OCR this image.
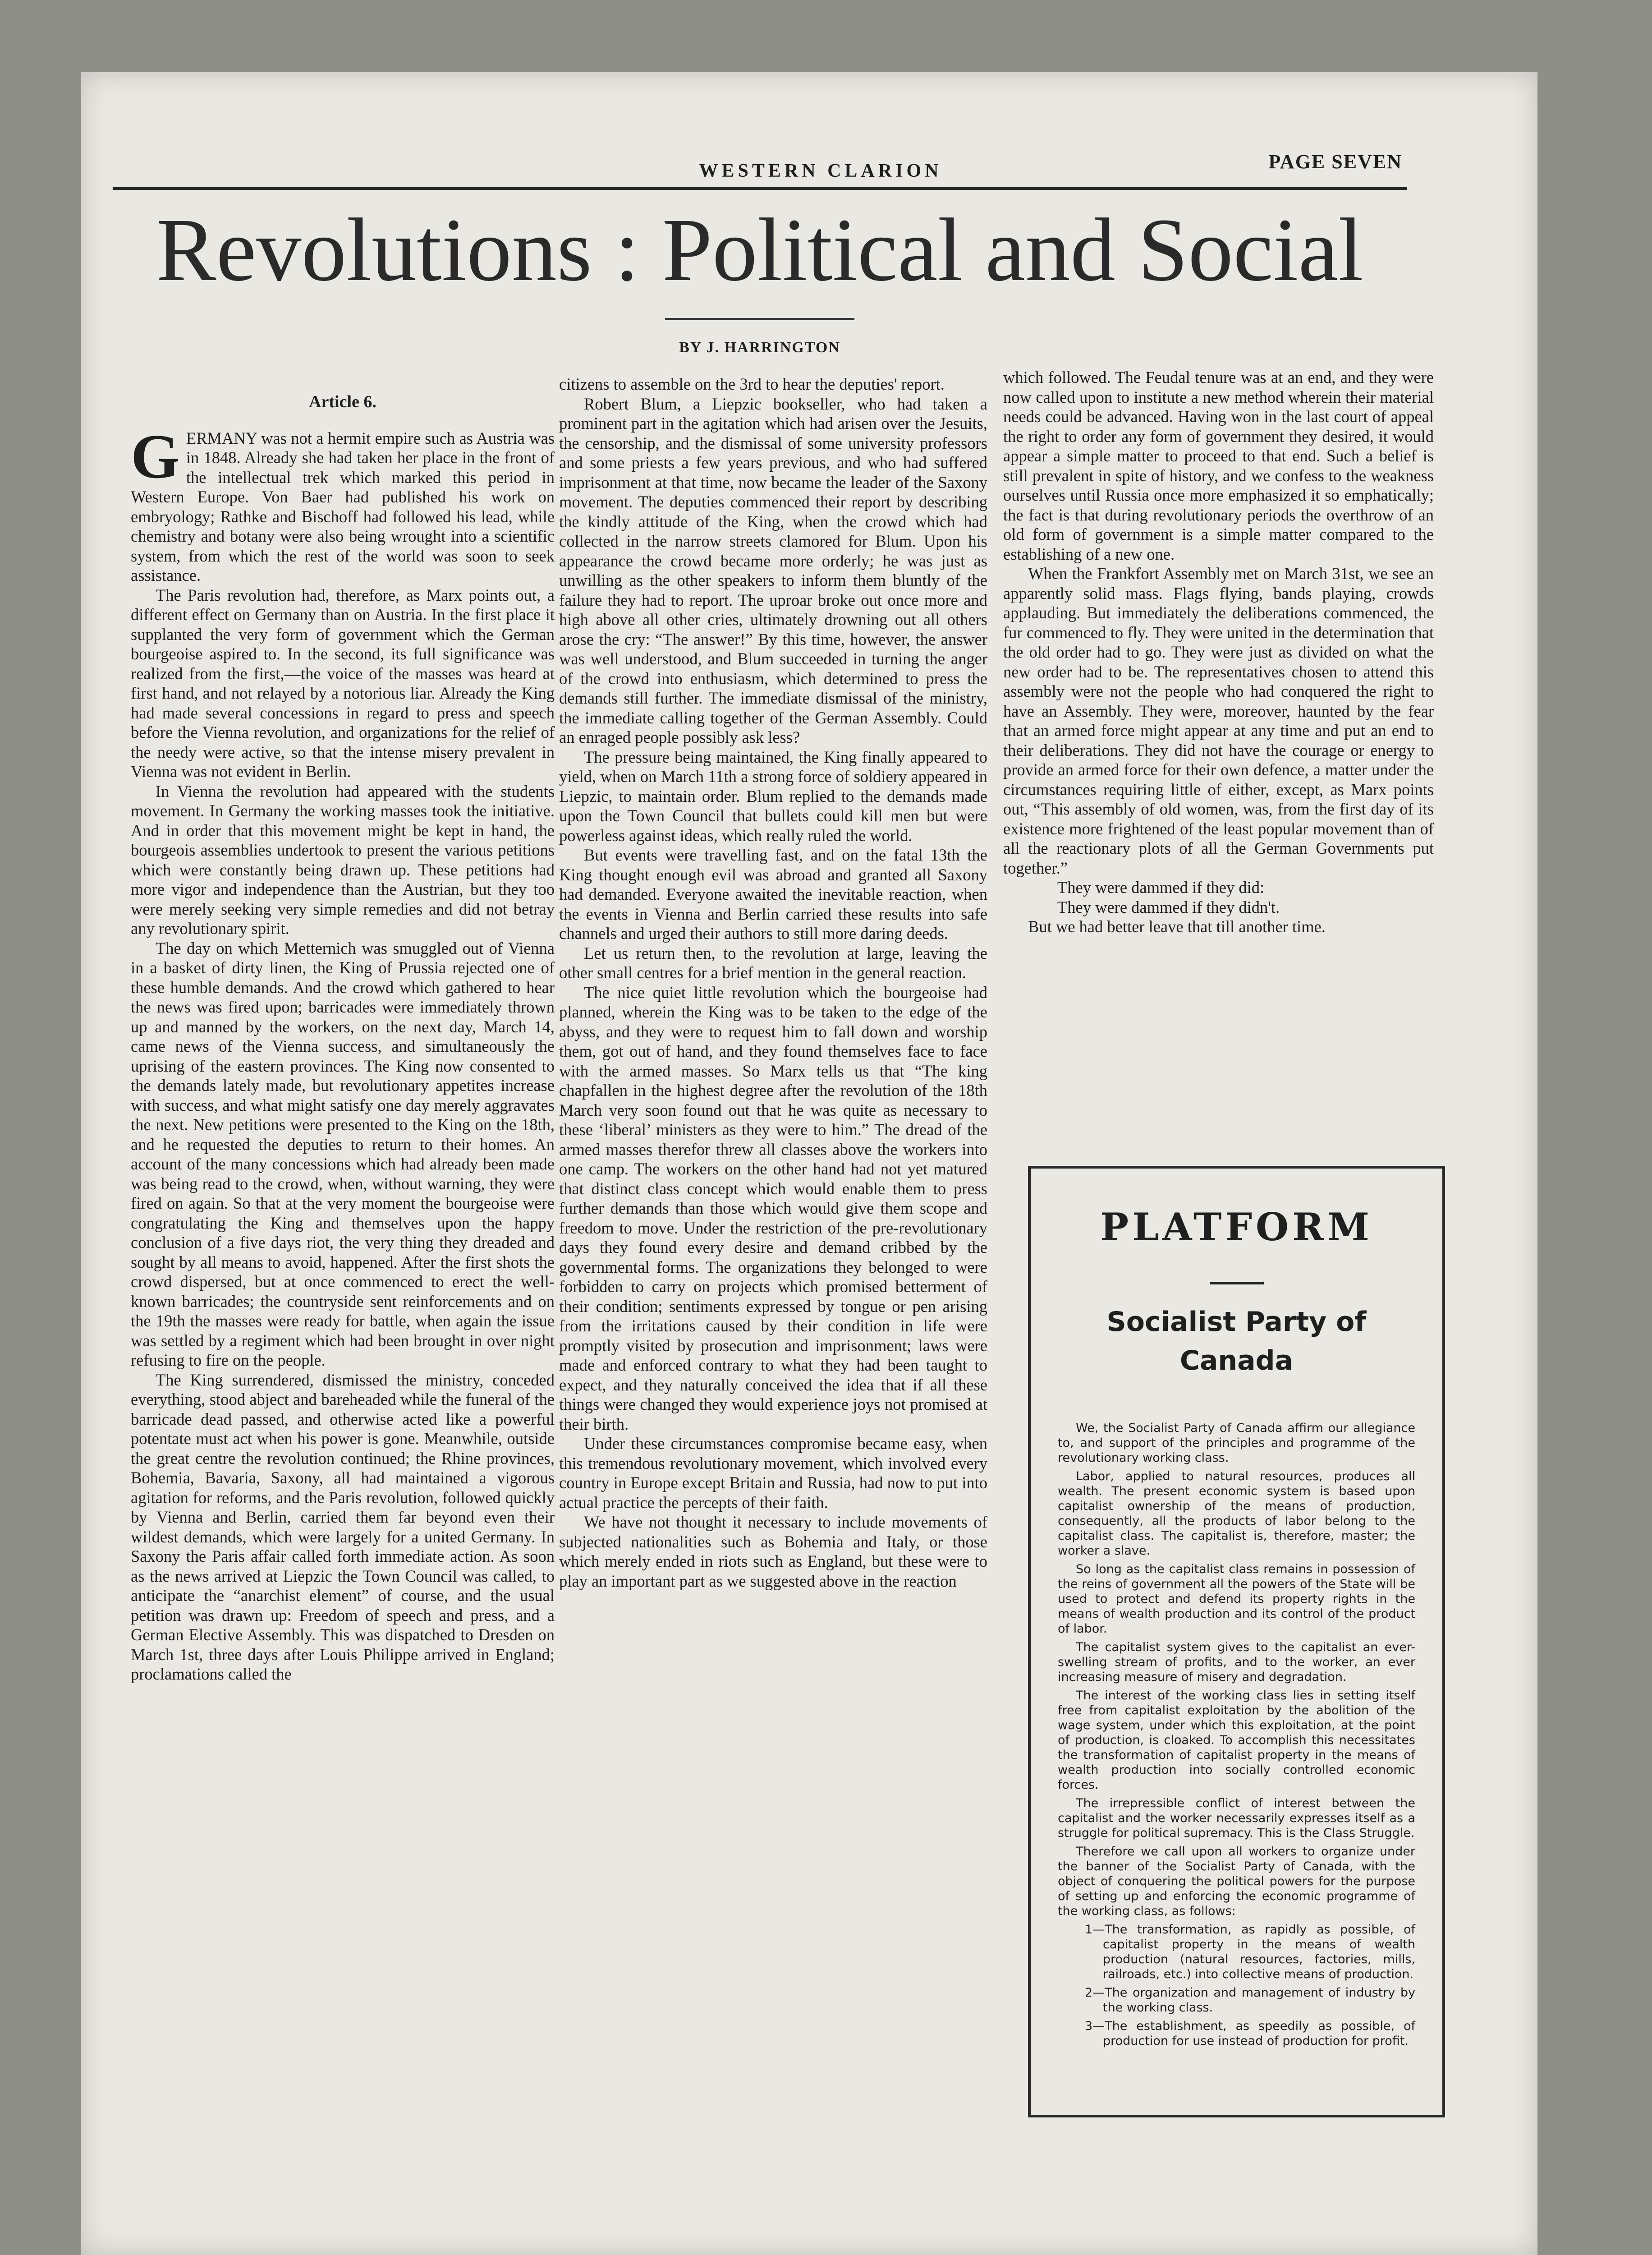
WESTERN CLARION	PAGE SEVEN
Revolutions : Political and Social
BY J. HARRINGTON
Article 6.

GERMANY was not a hermit empire such as Austria was in 1848. Already she had taken her place in the front of the intellectual trek which marked this period in Western Europe. Von Baer had published his work on embryology; Rathke and Bischoff had followed his lead, while chemistry and botany were also being wrought into a scientific system, from which the rest of the world was soon to seek assistance.

The Paris revolution had, therefore, as Marx points out, a different effect on Germany than on Austria. In the first place it supplanted the very form of government which the German bourgeoise aspired to. In the second, its full significance was realized from the first,—the voice of the masses was heard at first hand, and not relayed by a notorious liar. Already the King had made several concessions in regard to press and speech before the Vienna revolution, and organizations for the relief of the needy were active, so that the intense misery prevalent in Vienna was not evident in Berlin.

In Vienna the revolution had appeared with the students movement. In Germany the working masses took the initiative. And in order that this movement might be kept in hand, the bourgeois assemblies undertook to present the various petitions which were constantly being drawn up. These petitions had more vigor and independence than the Austrian, but they too were merely seeking very simple remedies and did not betray any revolutionary spirit.

The day on which Metternich was smuggled out of Vienna in a basket of dirty linen, the King of Prussia rejected one of these humble demands. And the crowd which gathered to hear the news was fired upon; barricades were immediately thrown up and manned by the workers, on the next day, March 14, came news of the Vienna success, and simultaneously the uprising of the eastern provinces. The King now consented to the demands lately made, but revolutionary appetites increase with success, and what might satisfy one day merely aggravates the next. New petitions were presented to the King on the 18th, and he requested the deputies to return to their homes. An account of the many concessions which had already been made was being read to the crowd, when, without warning, they were fired on again. So that at the very moment the bourgeoise were congratulating the King and themselves upon the happy conclusion of a five days riot, the very thing they dreaded and sought by all means to avoid, happened. After the first shots the crowd dispersed, but at once commenced to erect the well-known barricades; the countryside sent reinforcements and on the 19th the masses were ready for battle, when again the issue was settled by a regiment which had been brought in over night refusing to fire on the people.

The King surrendered, dismissed the ministry, conceded everything, stood abject and bareheaded while the funeral of the barricade dead passed, and otherwise acted like a powerful potentate must act when his power is gone. Meanwhile, outside the great centre the revolution continued; the Rhine provinces, Bohemia, Bavaria, Saxony, all had maintained a vigorous agitation for reforms, and the Paris revolution, followed quickly by Vienna and Berlin, carried them far beyond even their wildest demands, which were largely for a united Germany. In Saxony the Paris affair called forth immediate action. As soon as the news arrived at Liepzic the Town Council was called, to anticipate the “anarchist element” of course, and the usual petition was drawn up: Freedom of speech and press, and a German Elective Assembly. This was dispatched to Dresden on March 1st, three days after Louis Philippe arrived in England; proclamations called the

citizens to assemble on the 3rd to hear the deputies' report.

Robert Blum, a Liepzic bookseller, who had taken a prominent part in the agitation which had arisen over the Jesuits, the censorship, and the dismissal of some university professors and some priests a few years previous, and who had suffered imprisonment at that time, now became the leader of the Saxony movement. The deputies commenced their report by describing the kindly attitude of the King, when the crowd which had collected in the narrow streets clamored for Blum. Upon his appearance the crowd became more orderly; he was just as unwilling as the other speakers to inform them bluntly of the failure they had to report. The uproar broke out once more and high above all other cries, ultimately drowning out all others arose the cry: “The answer!” By this time, however, the answer was well understood, and Blum succeeded in turning the anger of the crowd into enthusiasm, which determined to press the demands still further. The immediate dismissal of the ministry, the immediate calling together of the German Assembly. Could an enraged people possibly ask less?

The pressure being maintained, the King finally appeared to yield, when on March 11th a strong force of soldiery appeared in Liepzic, to maintain order. Blum replied to the demands made upon the Town Council that bullets could kill men but were powerless against ideas, which really ruled the world.

But events were travelling fast, and on the fatal 13th the King thought enough evil was abroad and granted all Saxony had demanded. Everyone awaited the inevitable reaction, when the events in Vienna and Berlin carried these results into safe channels and urged their authors to still more daring deeds.

Let us return then, to the revolution at large, leaving the other small centres for a brief mention in the general reaction.

The nice quiet little revolution which the bourgeoise had planned, wherein the King was to be taken to the edge of the abyss, and they were to request him to fall down and worship them, got out of hand, and they found themselves face to face with the armed masses. So Marx tells us that “The king chapfallen in the highest degree after the revolution of the 18th March very soon found out that he was quite as necessary to these ‘liberal’ ministers as they were to him.” The dread of the armed masses therefor threw all classes above the workers into one camp. The workers on the other hand had not yet matured that distinct class concept which would enable them to press further demands than those which would give them scope and freedom to move. Under the restriction of the pre-revolutionary days they found every desire and demand cribbed by the governmental forms. The organizations they belonged to were forbidden to carry on projects which promised betterment of their condition; sentiments expressed by tongue or pen arising from the irritations caused by their condition in life were promptly visited by prosecution and imprisonment; laws were made and enforced contrary to what they had been taught to expect, and they naturally conceived the idea that if all these things were changed they would experience joys not promised at their birth.

Under these circumstances compromise became easy, when this tremendous revolutionary movement, which involved every country in Europe except Britain and Russia, had now to put into actual practice the percepts of their faith.

We have not thought it necessary to include movements of subjected nationalities such as Bohemia and Italy, or those which merely ended in riots such as England, but these were to play an important part as we suggested above in the reaction

which followed. The Feudal tenure was at an end, and they were now called upon to institute a new method wherein their material needs could be advanced. Having won in the last court of appeal the right to order any form of government they desired, it would appear a simple matter to proceed to that end. Such a belief is still prevalent in spite of history, and we confess to the weakness ourselves until Russia once more emphasized it so emphatically; the fact is that during revolutionary periods the overthrow of an old form of government is a simple matter compared to the establishing of a new one.

When the Frankfort Assembly met on March 31st, we see an apparently solid mass. Flags flying, bands playing, crowds applauding. But immediately the deliberations commenced, the fur commenced to fly. They were united in the determination that the old order had to go. They were just as divided on what the new order had to be. The representatives chosen to attend this assembly were not the people who had conquered the right to have an Assembly. They were, moreover, haunted by the fear that an armed force might appear at any time and put an end to their deliberations. They did not have the courage or energy to provide an armed force for their own defence, a matter under the circumstances requiring little of either, except, as Marx points out, “This assembly of old women, was, from the first day of its existence more frightened of the least popular movement than of all the reactionary plots of all the German Governments put together.”

They were dammed if they did:

They were dammed if they didn't.

But we had better leave that till another time.

PLATFORM
Socialist Party of Canada

We, the Socialist Party of Canada affirm our allegiance to, and support of the principles and programme of the revolutionary working class.

Labor, applied to natural resources, produces all wealth. The present economic system is based upon capitalist ownership of the means of production, consequently, all the products of labor belong to the capitalist class. The capitalist is, therefore, master; the worker a slave.

So long as the capitalist class remains in possession of the reins of government all the powers of the State will be used to protect and defend its property rights in the means of wealth production and its control of the product of labor.

The capitalist system gives to the capitalist an ever-swelling stream of profits, and to the worker, an ever increasing measure of misery and degradation.

The interest of the working class lies in setting itself free from capitalist exploitation by the abolition of the wage system, under which this exploitation, at the point of production, is cloaked. To accomplish this necessitates the transformation of capitalist property in the means of wealth production into socially controlled economic forces.

The irrepressible conflict of interest between the capitalist and the worker necessarily expresses itself as a struggle for political supremacy. This is the Class Struggle.

Therefore we call upon all workers to organize under the banner of the Socialist Party of Canada, with the object of conquering the political powers for the purpose of setting up and enforcing the economic programme of the working class, as follows:

1—The transformation, as rapidly as possible, of capitalist property in the means of wealth production (natural resources, factories, mills, railroads, etc.) into collective means of production.

2—The organization and management of industry by the working class.

3—The establishment, as speedily as possible, of production for use instead of production for profit.
